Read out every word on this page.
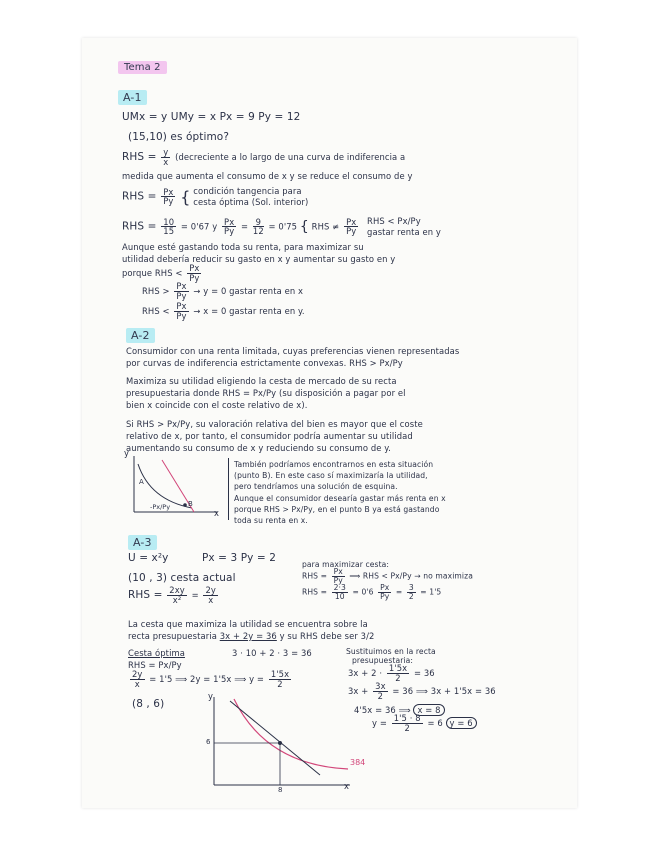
Tema 2
A-1
UMx = y UMy = x Px = 9 Py = 12
(15,10) es óptimo?
RHS = $\frac{y}{x}$ (decreciente a lo largo de una curva de indiferencia a
medida que aumenta el consumo de x y se reduce el consumo de y
RHS = $\frac{Px}{Py}$ { condición tangencia para
cesta óptima (Sol. interior)
RHS = $\frac{10}{15} = 0'67$ y $\frac{Px}{Py} = \frac{9}{12} = 0'75$ { RHS ≠ $\frac{Px}{Py}$
RHS < Px/Py
gastar renta en y
Aunque esté gastando toda su renta, para maximizar su
utilidad debería reducir su gasto en x y aumentar su gasto en y
porque RHS < $\frac{Px}{Py}$
RHS > $\frac{Px}{Py} \to y = 0$ gastar renta en x
RHS < $\frac{Px}{Py} \to x = 0$ gastar renta en y.
A-2
Consumidor con una renta limitada, cuyas preferencias vienen representadas
por curvas de indiferencia estrictamente convexas. RHS > Px/Py
Maximiza su utilidad eligiendo la cesta de mercado de su recta
presupuestaria donde RHS = Px/Py (su disposición a pagar por el
bien x coincide con el coste relativo de x).
Si RHS > Px/Py, su valoración relativa del bien es mayor que el coste
relativo de x, por tanto, el consumidor podría aumentar su utilidad
aumentando su consumo de x y reduciendo su consumo de y.
y
x
A
B
-Px/Py
También podríamos encontrarnos en esta situación
(punto B). En este caso sí maximizaría la utilidad,
pero tendríamos una solución de esquina.
Aunque el consumidor desearía gastar más renta en x
porque RHS > Px/Py, en el punto B ya está gastando
toda su renta en x.
A-3
U = x²y	Px = 3 Py = 2
(10 , 3) cesta actual
RHS = $\frac{2xy}{\text{x²}} = \frac{2y}{x}$
para maximizar cesta:
RHS = $\frac{Px}{Py}$ ⟹ RHS < Px/Py → no maximiza
RHS = $\frac{2\cdot 3}{10} = 0'6 \frac{Px}{Py} = \frac{3}{2} = 1'5$
La cesta que maximiza la utilidad se encuentra sobre la
recta presupuestaria 3x + 2y = 36 y su RHS debe ser 3/2
Cesta óptima	3 · 10 + 2 · 3 = 36
RHS = Px/Py
$\frac{2y}{x} = 1'5$ ⟹ 2y = 1'5x ⟹ $y = \frac{1'5x}{2}$
(8 , 6)
Sustituimos en la recta
presupuestaria:
$3x + 2 \cdot \frac{1'5x}{2} = 36$
$3x + \frac{3x}{2} = 36$ ⟹ 3x + 1'5x = 36
4'5x = 36 ⟹ x = 8
$y = \frac{1'5 \cdot 8}{2} = 6$ y = 6
y
x
6
8
384
